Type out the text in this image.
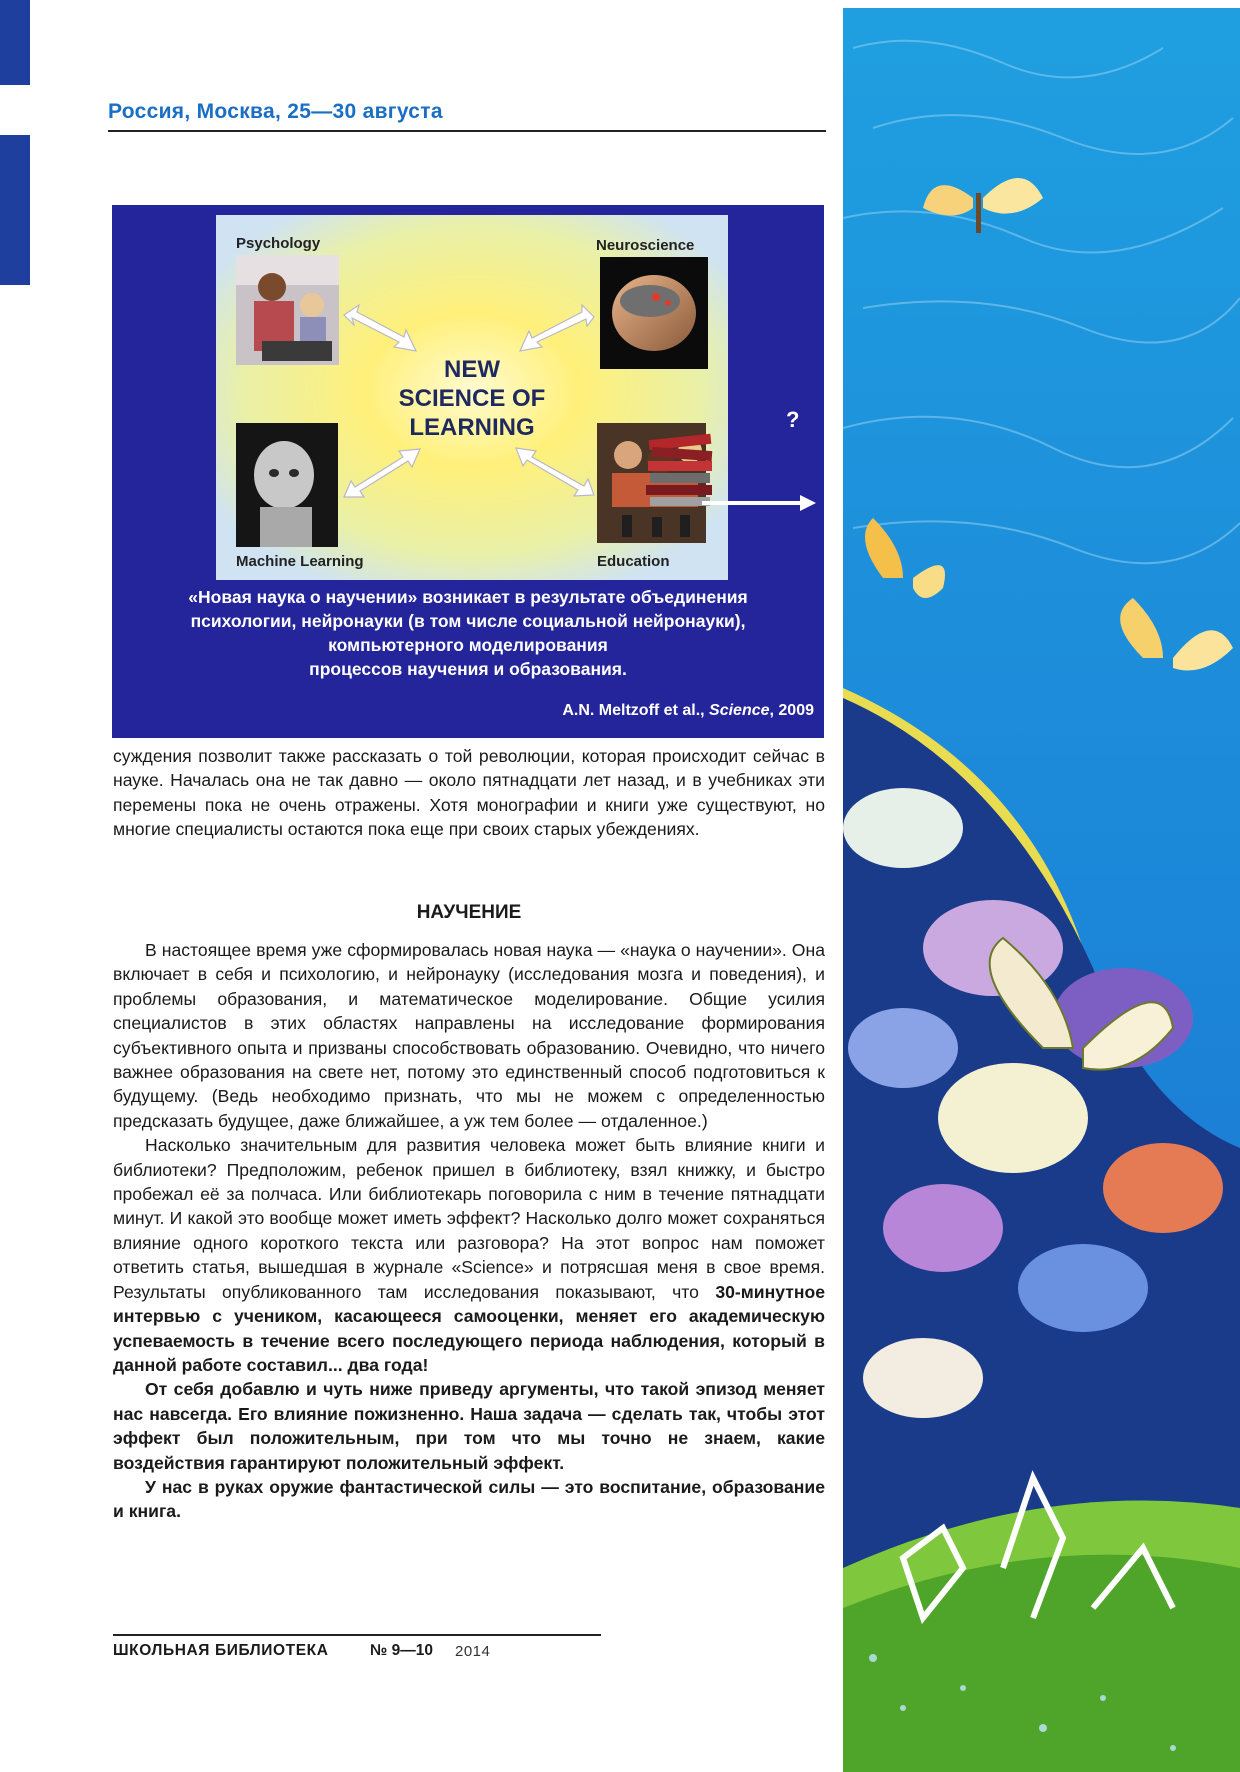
Россия, Москва, 25—30 августа
Psychology	Neuroscience
Machine Learning	Education
NEW
SCIENCE OF
LEARNING	?
«Новая наука о научении» возникает в результате объединения
психологии, нейронауки (в том числе социальной нейронауки),
компьютерного моделирования
процессов научения и образования.
A.N. Meltzoff et al., Science, 2009

суждения позволит также рассказать о той революции, которая происходит сейчас в науке. Началась она не так давно — около пятнадцати лет назад, и в учебниках эти перемены пока не очень отражены. Хотя монографии и книги уже существуют, но многие специалисты остаются пока еще при своих старых убеждениях.

НАУЧЕНИЕ

В настоящее время уже сформировалась новая наука — «наука о научении». Она включает в себя и психологию, и нейронауку (исследования мозга и поведения), и проблемы образования, и математическое моделирование. Общие усилия специалистов в этих областях направлены на исследование формирования субъективного опыта и призваны способствовать образованию. Очевидно, что ничего важнее образования на свете нет, потому это единственный способ подготовиться к будущему. (Ведь необходимо признать, что мы не можем с определенностью предсказать будущее, даже ближайшее, а уж тем более — отдаленное.)

Насколько значительным для развития человека может быть влияние книги и библиотеки? Предположим, ребенок пришел в библиотеку, взял книжку, и быстро пробежал её за полчаса. Или библиотекарь поговорила с ним в течение пятнадцати минут. И какой это вообще может иметь эффект? Насколько долго может сохраняться влияние одного короткого текста или разговора? На этот вопрос нам поможет ответить статья, вышедшая в журнале «Science» и потрясшая меня в свое время. Результаты опубликованного там исследования показывают, что 30-минутное интервью с учеником, касающееся самооценки, меняет его академическую успеваемость в течение всего последующего периода наблюдения, который в данной работе составил... два года!

От себя добавлю и чуть ниже приведу аргументы, что такой эпизод меняет нас навсегда. Его влияние пожизненно. Наша задача — сделать так, чтобы этот эффект был положительным, при том что мы точно не знаем, какие воздействия гарантируют положительный эффект.

У нас в руках оружие фантастической силы — это воспитание, образование и книга.

ШКОЛЬНАЯ БИБЛИОТЕКА	№ 9—10 2014
